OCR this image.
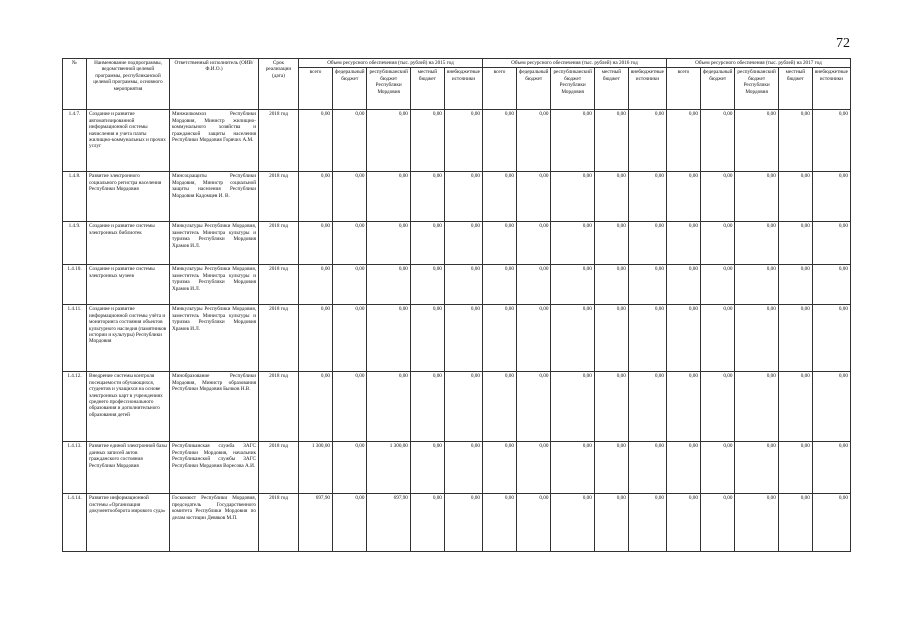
72
№	Наименование подпрограммы, ведомственной целевой программы, республиканской целевой программы, основного мероприятия	Ответственный исполнитель (ОИВ/Ф.И.О.)	Срок реализации (дата)	Объем ресурсного обеспечения (тыс. рублей) на 2015 год					Объем ресурсного обеспечения (тыс. рублей) на 2016 год					Объем ресурсного обеспечения (тыс. рублей) на 2017 год				
				всего	федеральный бюджет	республиканский бюджет Республики Мордовия	местный бюджет	внебюджетные источники	всего	федеральный бюджет	республиканский бюджет Республики Мордовия	местный бюджет	внебюджетные источники	всего	федеральный бюджет	республиканский бюджет Республики Мордовия	местный бюджет	внебюджетные источники
1.4.7.	Создание и развитие автоматизированной информационной системы начисления и учета платы жилищно-коммунальных и прочих услуг	Минжилкомхоз Республики Мордовия, Министр жилищно-коммунального хозяйства и гражданской защиты населения Республики Мордовия Горячих А.М.	2018 год	0,00	0,00	0,00	0,00	0,00	0,00	0,00	0,00	0,00	0,00	0,00	0,00	0,00	0,00	0,00
1.4.8.	Развитие электронного социального регистра населения Республики Мордовия	Минсоцзащиты Республики Мордовия, Министр социальной защиты населения Республики Мордовия Кадомцев И. В.	2018 год	0,00	0,00	0,00	0,00	0,00	0,00	0,00	0,00	0,00	0,00	0,00	0,00	0,00	0,00	0,00
1.4.9.	Создание и развитие системы электронных библиотек	Минкультуры Республики Мордовия, заместитель Министра культуры и туризма Республики Мордовия Храмов И.Л.	2018 год	0,00	0,00	0,00	0,00	0,00	0,00	0,00	0,00	0,00	0,00	0,00	0,00	0,00	0,00	0,00
1.4.10.	Создание и развитие системы электронных музеев	Минкультуры Республики Мордовия, заместитель Министра культуры и туризма Республики Мордовия Храмов И.Л.	2018 год	0,00	0,00	0,00	0,00	0,00	0,00	0,00	0,00	0,00	0,00	0,00	0,00	0,00	0,00	0,00
1.4.11.	Создание и развитие информационной системы учёта и мониторинга состояния объектов культурного наследия (памятников истории и культуры) Республики Мордовия	Минкультуры Республики Мордовия, заместитель Министра культуры и туризма Республики Мордовия Храмов И.Л.	2018 год	0,00	0,00	0,00	0,00	0,00	0,00	0,00	0,00	0,00	0,00	0,00	0,00	0,00	0,00	0,00
1.4.12.	Внедрение системы контроля посещаемости обучающихся, студентов и учащихся на основе электронных карт в учреждениях среднего профессионального образования и дополнительного образования детей	Минобразование Республики Мордовия, Министр образования Республики Мордовия Бычков Н.В.	2018 год	0,00	0,00	0,00	0,00	0,00	0,00	0,00	0,00	0,00	0,00	0,00	0,00	0,00	0,00	0,00
1.4.13.	Развитие единой электронной базы данных записей актов гражданского состояния Республики Мордовия	Республиканская служба ЗАГС Республики Мордовия, начальник Республиканской службы ЗАГС Республики Мордовия Воресова А.И.	2018 год	1 300,00	0,00	1 300,00	0,00	0,00	0,00	0,00	0,00	0,00	0,00	0,00	0,00	0,00	0,00	0,00
1.4.14.	Развитие информационной системы «Организация документооборота мирового суда»	Госкомюст Республики Мордовия, председатель Государственного комитета Республики Мордовия по делам юстиции Девяков М.П.	2018 год	697,90	0,00	697,90	0,00	0,00	0,00	0,00	0,00	0,00	0,00	0,00	0,00	0,00	0,00	0,00
